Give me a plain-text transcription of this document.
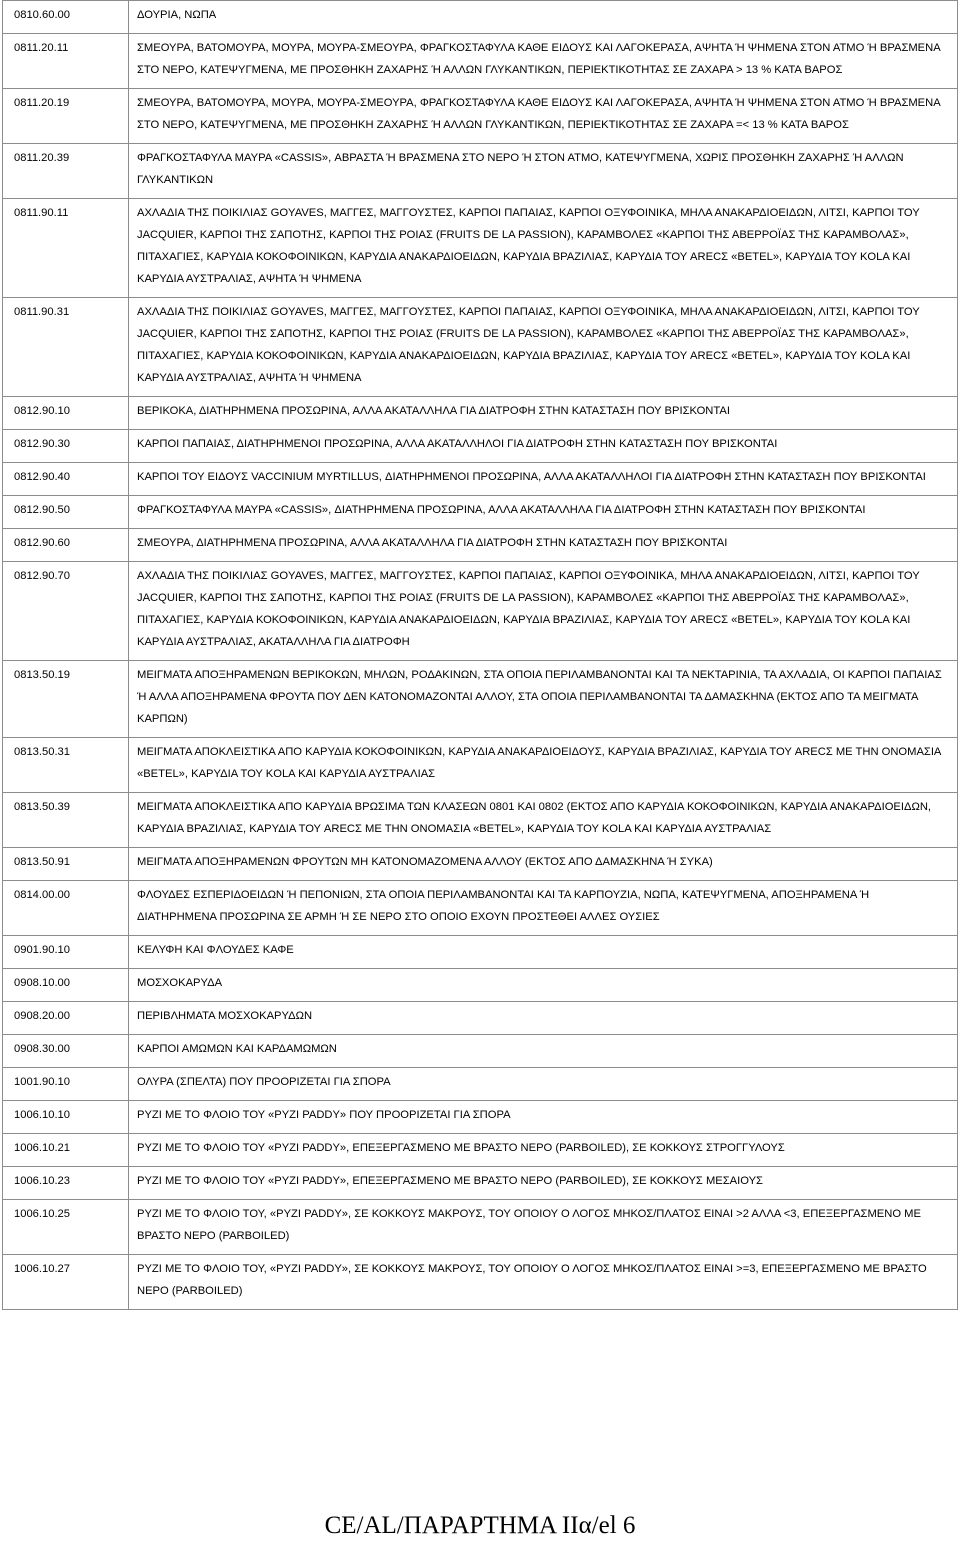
0810.60.00	ΔΟΥΡΙΑ, ΝΩΠΑ
0811.20.11	ΣΜΕΟΥΡΑ, ΒΑΤΟΜΟΥΡΑ, ΜΟΥΡΑ, ΜΟΥΡΑ-ΣΜΕΟΥΡΑ, ΦΡΑΓΚΟΣΤΑΦΥΛΑ ΚΑΘΕ ΕΙΔΟΥΣ ΚΑΙ ΛΑΓΟΚΕΡΑΣΑ, ΑΨΗΤΑ Ή ΨΗΜΕΝΑ ΣΤΟΝ ΑΤΜΟ Ή ΒΡΑΣΜΕΝΑ ΣΤΟ ΝΕΡΟ, ΚΑΤΕΨΥΓΜΕΝΑ, ΜΕ ΠΡΟΣΘΗΚΗ ΖΑΧΑΡΗΣ Ή ΑΛΛΩΝ ΓΛΥΚΑΝΤΙΚΩΝ, ΠΕΡΙΕΚΤΙΚΟΤΗΤΑΣ ΣΕ ΖΑΧΑΡΑ > 13 % ΚΑΤΑ ΒΑΡΟΣ
0811.20.19	ΣΜΕΟΥΡΑ, ΒΑΤΟΜΟΥΡΑ, ΜΟΥΡΑ, ΜΟΥΡΑ-ΣΜΕΟΥΡΑ, ΦΡΑΓΚΟΣΤΑΦΥΛΑ ΚΑΘΕ ΕΙΔΟΥΣ ΚΑΙ ΛΑΓΟΚΕΡΑΣΑ, ΑΨΗΤΑ Ή ΨΗΜΕΝΑ ΣΤΟΝ ΑΤΜΟ Ή ΒΡΑΣΜΕΝΑ ΣΤΟ ΝΕΡΟ, ΚΑΤΕΨΥΓΜΕΝΑ, ΜΕ ΠΡΟΣΘΗΚΗ ΖΑΧΑΡΗΣ Ή ΑΛΛΩΝ ΓΛΥΚΑΝΤΙΚΩΝ, ΠΕΡΙΕΚΤΙΚΟΤΗΤΑΣ ΣΕ ΖΑΧΑΡΑ =< 13 % ΚΑΤΑ ΒΑΡΟΣ
0811.20.39	ΦΡΑΓΚΟΣΤΑΦΥΛΑ ΜΑΥΡΑ «CASSIS», ΑΒΡΑΣΤΑ Ή ΒΡΑΣΜΕΝΑ ΣΤΟ ΝΕΡΟ Ή ΣΤΟΝ ΑΤΜΟ, ΚΑΤΕΨΥΓΜΕΝΑ, ΧΩΡΙΣ ΠΡΟΣΘΗΚΗ ΖΑΧΑΡΗΣ Ή ΑΛΛΩΝ ΓΛΥΚΑΝΤΙΚΩΝ
0811.90.11	ΑΧΛΑΔΙΑ ΤΗΣ ΠΟΙΚΙΛΙΑΣ GOYAVES, ΜΑΓΓΕΣ, ΜΑΓΓΟΥΣΤΕΣ, ΚΑΡΠΟΙ ΠΑΠΑΙΑΣ, ΚΑΡΠΟΙ ΟΞΥΦΟΙΝΙΚΑ, ΜΗΛΑ ΑΝΑΚΑΡΔΙΟΕΙΔΩΝ, ΛΙΤΣΙ, ΚΑΡΠΟΙ ΤΟΥ JACQUIER, ΚΑΡΠΟΙ ΤΗΣ ΣΑΠΟΤΗΣ, ΚΑΡΠΟΙ ΤΗΣ ΡΟΙΑΣ (FRUITS DE LA PASSION), ΚΑΡΑΜΒΟΛΕΣ «ΚΑΡΠΟΙ ΤΗΣ ΑΒΕΡΡΟΪΑΣ ΤΗΣ ΚΑΡΑΜΒΟΛΑΣ», ΠΙΤΑΧΑΓΙΕΣ, ΚΑΡΥΔΙΑ ΚΟΚΟΦΟΙΝΙΚΩΝ, ΚΑΡΥΔΙΑ ΑΝΑΚΑΡΔΙΟΕΙΔΩΝ, ΚΑΡΥΔΙΑ ΒΡΑΖΙΛΙΑΣ, ΚΑΡΥΔΙΑ ΤΟΥ ARECΣ «BETEL», ΚΑΡΥΔΙΑ ΤΟΥ KOLA ΚΑΙ ΚΑΡΥΔΙΑ ΑΥΣΤΡΑΛΙΑΣ, ΑΨΗΤΑ Ή ΨΗΜΕΝΑ
0811.90.31	ΑΧΛΑΔΙΑ ΤΗΣ ΠΟΙΚΙΛΙΑΣ GOYAVES, ΜΑΓΓΕΣ, ΜΑΓΓΟΥΣΤΕΣ, ΚΑΡΠΟΙ ΠΑΠΑΙΑΣ, ΚΑΡΠΟΙ ΟΞΥΦΟΙΝΙΚΑ, ΜΗΛΑ ΑΝΑΚΑΡΔΙΟΕΙΔΩΝ, ΛΙΤΣΙ, ΚΑΡΠΟΙ ΤΟΥ JACQUIER, ΚΑΡΠΟΙ ΤΗΣ ΣΑΠΟΤΗΣ, ΚΑΡΠΟΙ ΤΗΣ ΡΟΙΑΣ (FRUITS DE LA PASSION), ΚΑΡΑΜΒΟΛΕΣ «ΚΑΡΠΟΙ ΤΗΣ ΑΒΕΡΡΟΪΑΣ ΤΗΣ ΚΑΡΑΜΒΟΛΑΣ», ΠΙΤΑΧΑΓΙΕΣ, ΚΑΡΥΔΙΑ ΚΟΚΟΦΟΙΝΙΚΩΝ, ΚΑΡΥΔΙΑ ΑΝΑΚΑΡΔΙΟΕΙΔΩΝ, ΚΑΡΥΔΙΑ ΒΡΑΖΙΛΙΑΣ, ΚΑΡΥΔΙΑ ΤΟΥ ARECΣ «BETEL», ΚΑΡΥΔΙΑ ΤΟΥ KOLA ΚΑΙ ΚΑΡΥΔΙΑ ΑΥΣΤΡΑΛΙΑΣ, ΑΨΗΤΑ Ή ΨΗΜΕΝΑ
0812.90.10	ΒΕΡΙΚΟΚΑ, ΔΙΑΤΗΡΗΜΕΝΑ ΠΡΟΣΩΡΙΝΑ, ΑΛΛΑ ΑΚΑΤΑΛΛΗΛΑ ΓΙΑ ΔΙΑΤΡΟΦΗ ΣΤΗΝ ΚΑΤΑΣΤΑΣΗ ΠΟΥ ΒΡΙΣΚΟΝΤΑΙ
0812.90.30	ΚΑΡΠΟΙ ΠΑΠΑΙΑΣ, ΔΙΑΤΗΡΗΜΕΝΟΙ ΠΡΟΣΩΡΙΝΑ, ΑΛΛΑ ΑΚΑΤΑΛΛΗΛΟΙ ΓΙΑ ΔΙΑΤΡΟΦΗ ΣΤΗΝ ΚΑΤΑΣΤΑΣΗ ΠΟΥ ΒΡΙΣΚΟΝΤΑΙ
0812.90.40	ΚΑΡΠΟΙ ΤΟΥ ΕΙΔΟΥΣ VACCINIUM MYRTILLUS, ΔΙΑΤΗΡΗΜΕΝΟΙ ΠΡΟΣΩΡΙΝΑ, ΑΛΛΑ ΑΚΑΤΑΛΛΗΛΟΙ ΓΙΑ ΔΙΑΤΡΟΦΗ ΣΤΗΝ ΚΑΤΑΣΤΑΣΗ ΠΟΥ ΒΡΙΣΚΟΝΤΑΙ
0812.90.50	ΦΡΑΓΚΟΣΤΑΦΥΛΑ ΜΑΥΡΑ «CASSIS», ΔΙΑΤΗΡΗΜΕΝΑ ΠΡΟΣΩΡΙΝΑ, ΑΛΛΑ ΑΚΑΤΑΛΛΗΛΑ ΓΙΑ ΔΙΑΤΡΟΦΗ ΣΤΗΝ ΚΑΤΑΣΤΑΣΗ ΠΟΥ ΒΡΙΣΚΟΝΤΑΙ
0812.90.60	ΣΜΕΟΥΡΑ, ΔΙΑΤΗΡΗΜΕΝΑ ΠΡΟΣΩΡΙΝΑ, ΑΛΛΑ ΑΚΑΤΑΛΛΗΛΑ ΓΙΑ ΔΙΑΤΡΟΦΗ ΣΤΗΝ ΚΑΤΑΣΤΑΣΗ ΠΟΥ ΒΡΙΣΚΟΝΤΑΙ
0812.90.70	ΑΧΛΑΔΙΑ ΤΗΣ ΠΟΙΚΙΛΙΑΣ GOYAVES, ΜΑΓΓΕΣ, ΜΑΓΓΟΥΣΤΕΣ, ΚΑΡΠΟΙ ΠΑΠΑΙΑΣ, ΚΑΡΠΟΙ ΟΞΥΦΟΙΝΙΚΑ, ΜΗΛΑ ΑΝΑΚΑΡΔΙΟΕΙΔΩΝ, ΛΙΤΣΙ, ΚΑΡΠΟΙ ΤΟΥ JACQUIER, ΚΑΡΠΟΙ ΤΗΣ ΣΑΠΟΤΗΣ, ΚΑΡΠΟΙ ΤΗΣ ΡΟΙΑΣ (FRUITS DE LA PASSION), ΚΑΡΑΜΒΟΛΕΣ «ΚΑΡΠΟΙ ΤΗΣ ΑΒΕΡΡΟΪΑΣ ΤΗΣ ΚΑΡΑΜΒΟΛΑΣ», ΠΙΤΑΧΑΓΙΕΣ, ΚΑΡΥΔΙΑ ΚΟΚΟΦΟΙΝΙΚΩΝ, ΚΑΡΥΔΙΑ ΑΝΑΚΑΡΔΙΟΕΙΔΩΝ, ΚΑΡΥΔΙΑ ΒΡΑΖΙΛΙΑΣ, ΚΑΡΥΔΙΑ ΤΟΥ ARECΣ «BETEL», ΚΑΡΥΔΙΑ ΤΟΥ KOLA ΚΑΙ ΚΑΡΥΔΙΑ ΑΥΣΤΡΑΛΙΑΣ, ΑΚΑΤΑΛΛΗΛΑ ΓΙΑ ΔΙΑΤΡΟΦΗ
0813.50.19	ΜΕΙΓΜΑΤΑ ΑΠΟΞΗΡΑΜΕΝΩΝ ΒΕΡΙΚΟΚΩΝ, ΜΗΛΩΝ, ΡΟΔΑΚΙΝΩΝ, ΣΤΑ ΟΠΟΙΑ ΠΕΡΙΛΑΜΒΑΝΟΝΤΑΙ ΚΑΙ ΤΑ ΝΕΚΤΑΡΙΝΙΑ, ΤΑ ΑΧΛΑΔΙΑ, ΟΙ ΚΑΡΠΟΙ ΠΑΠΑΙΑΣ Ή ΑΛΛΑ ΑΠΟΞΗΡΑΜΕΝΑ ΦΡΟΥΤΑ ΠΟΥ ΔΕΝ ΚΑΤΟΝΟΜΑΖΟΝΤΑΙ ΑΛΛΟΥ, ΣΤΑ ΟΠΟΙΑ ΠΕΡΙΛΑΜΒΑΝΟΝΤΑΙ ΤΑ ΔΑΜΑΣΚΗΝΑ (ΕΚΤΟΣ ΑΠΟ ΤΑ ΜΕΙΓΜΑΤΑ ΚΑΡΠΩΝ)
0813.50.31	ΜΕΙΓΜΑΤΑ ΑΠΟΚΛΕΙΣΤΙΚΑ ΑΠΟ ΚΑΡΥΔΙΑ ΚΟΚΟΦΟΙΝΙΚΩΝ, ΚΑΡΥΔΙΑ ΑΝΑΚΑΡΔΙΟΕΙΔΟΥΣ, ΚΑΡΥΔΙΑ ΒΡΑΖΙΛΙΑΣ, ΚΑΡΥΔΙΑ ΤΟΥ ARECΣ ΜΕ ΤΗΝ ΟΝΟΜΑΣΙΑ «BETEL», ΚΑΡΥΔΙΑ ΤΟΥ KOLA ΚΑΙ ΚΑΡΥΔΙΑ ΑΥΣΤΡΑΛΙΑΣ
0813.50.39	ΜΕΙΓΜΑΤΑ ΑΠΟΚΛΕΙΣΤΙΚΑ ΑΠΟ ΚΑΡΥΔΙΑ ΒΡΩΣΙΜΑ ΤΩΝ ΚΛΑΣΕΩΝ 0801 ΚΑΙ 0802 (ΕΚΤΟΣ ΑΠΟ ΚΑΡΥΔΙΑ ΚΟΚΟΦΟΙΝΙΚΩΝ, ΚΑΡΥΔΙΑ ΑΝΑΚΑΡΔΙΟΕΙΔΩΝ, ΚΑΡΥΔΙΑ ΒΡΑΖΙΛΙΑΣ, ΚΑΡΥΔΙΑ ΤΟΥ ARECΣ ΜΕ ΤΗΝ ΟΝΟΜΑΣΙΑ «BETEL», ΚΑΡΥΔΙΑ ΤΟΥ KOLA ΚΑΙ ΚΑΡΥΔΙΑ ΑΥΣΤΡΑΛΙΑΣ
0813.50.91	ΜΕΙΓΜΑΤΑ ΑΠΟΞΗΡΑΜΕΝΩΝ ΦΡΟΥΤΩΝ ΜΗ ΚΑΤΟΝΟΜΑΖΟΜΕΝΑ ΑΛΛΟΥ (ΕΚΤΟΣ ΑΠΟ ΔΑΜΑΣΚΗΝΑ Ή ΣΥΚΑ)
0814.00.00	ΦΛΟΥΔΕΣ ΕΣΠΕΡΙΔΟΕΙΔΩΝ Ή ΠΕΠΟΝΙΩΝ, ΣΤΑ ΟΠΟΙΑ ΠΕΡΙΛΑΜΒΑΝΟΝΤΑΙ ΚΑΙ ΤΑ ΚΑΡΠΟΥΖΙΑ, ΝΩΠΑ, ΚΑΤΕΨΥΓΜΕΝΑ, ΑΠΟΞΗΡΑΜΕΝΑ Ή ΔΙΑΤΗΡΗΜΕΝΑ ΠΡΟΣΩΡΙΝΑ ΣΕ ΑΡΜΗ Ή ΣΕ ΝΕΡΟ ΣΤΟ ΟΠΟΙΟ ΕΧΟΥΝ ΠΡΟΣΤΕΘΕΙ ΑΛΛΕΣ ΟΥΣΙΕΣ
0901.90.10	ΚΕΛΥΦΗ ΚΑΙ ΦΛΟΥΔΕΣ ΚΑΦΕ
0908.10.00	ΜΟΣΧΟΚΑΡΥΔΑ
0908.20.00	ΠΕΡΙΒΛΗΜΑΤΑ ΜΟΣΧΟΚΑΡΥΔΩΝ
0908.30.00	ΚΑΡΠΟΙ ΑΜΩΜΩΝ ΚΑΙ ΚΑΡΔΑΜΩΜΩΝ
1001.90.10	ΟΛΥΡΑ (ΣΠΕΛΤΑ) ΠΟΥ ΠΡΟΟΡΙΖΕΤΑΙ ΓΙΑ ΣΠΟΡΑ
1006.10.10	ΡΥΖΙ ΜΕ ΤΟ ΦΛΟΙΟ ΤΟΥ «ΡΥΖΙ PADDY» ΠΟΥ ΠΡΟΟΡΙΖΕΤΑΙ ΓΙΑ ΣΠΟΡΑ
1006.10.21	ΡΥΖΙ ΜΕ ΤΟ ΦΛΟΙΟ ΤΟΥ «ΡΥΖΙ PADDY», ΕΠΕΞΕΡΓΑΣΜΕΝΟ ΜΕ ΒΡΑΣΤΟ ΝΕΡΟ (PARBOILED), ΣΕ ΚΟΚΚΟΥΣ ΣΤΡΟΓΓΥΛΟΥΣ
1006.10.23	ΡΥΖΙ ΜΕ ΤΟ ΦΛΟΙΟ ΤΟΥ «ΡΥΖΙ PADDY», ΕΠΕΞΕΡΓΑΣΜΕΝΟ ΜΕ ΒΡΑΣΤΟ ΝΕΡΟ (PARBOILED), ΣΕ ΚΟΚΚΟΥΣ ΜΕΣΑΙΟΥΣ
1006.10.25	ΡΥΖΙ ΜΕ ΤΟ ΦΛΟΙΟ ΤΟΥ, «ΡΥΖΙ PADDY», ΣΕ ΚΟΚΚΟΥΣ ΜΑΚΡΟΥΣ, ΤΟΥ ΟΠΟΙΟΥ Ο ΛΟΓΟΣ ΜΗΚΟΣ/ΠΛΑΤΟΣ ΕΙΝΑΙ >2 ΑΛΛΑ <3, ΕΠΕΞΕΡΓΑΣΜΕΝΟ ΜΕ ΒΡΑΣΤΟ ΝΕΡΟ (PARBOILED)
1006.10.27	ΡΥΖΙ ΜΕ ΤΟ ΦΛΟΙΟ ΤΟΥ, «ΡΥΖΙ PADDY», ΣΕ ΚΟΚΚΟΥΣ ΜΑΚΡΟΥΣ, ΤΟΥ ΟΠΟΙΟΥ Ο ΛΟΓΟΣ ΜΗΚΟΣ/ΠΛΑΤΟΣ ΕΙΝΑΙ >=3, ΕΠΕΞΕΡΓΑΣΜΕΝΟ ΜΕ ΒΡΑΣΤΟ ΝΕΡΟ (PARBOILED)
CE/AL/ΠΑΡΑΡΤΗΜΑ IIα/el 6
